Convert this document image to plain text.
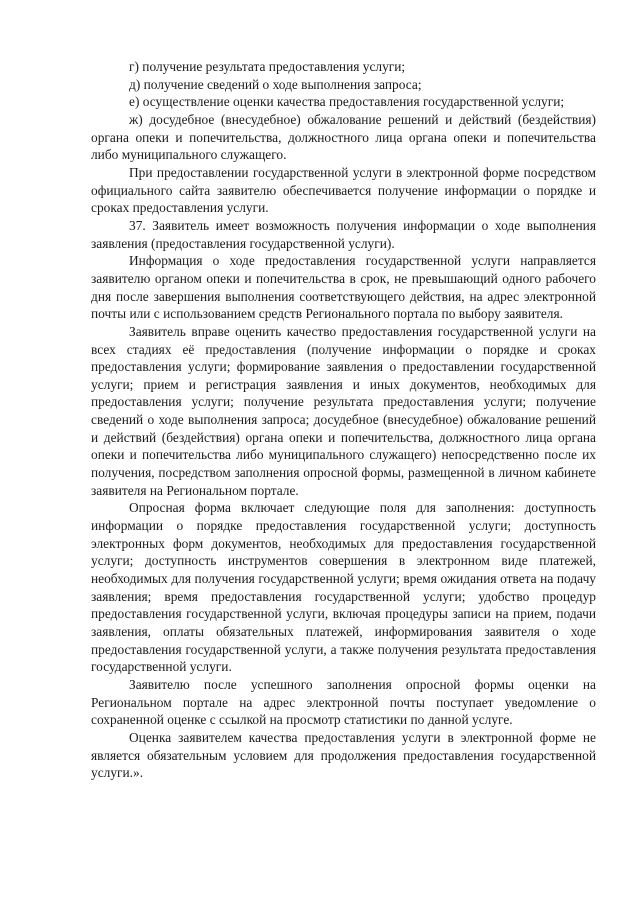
г) получение результата предоставления услуги;

д) получение сведений о ходе выполнения запроса;

е) осуществление оценки качества предоставления государственной услуги;

ж) досудебное (внесудебное) обжалование решений и действий (бездействия) органа опеки и попечительства, должностного лица органа опеки и попечительства либо муниципального служащего.

При предоставлении государственной услуги в электронной форме посредством официального сайта заявителю обеспечивается получение информации о порядке и сроках предоставления услуги.

37. Заявитель имеет возможность получения информации о ходе выполнения заявления (предоставления государственной услуги).

Информация о ходе предоставления государственной услуги направляется заявителю органом опеки и попечительства в срок, не превышающий одного рабочего дня после завершения выполнения соответствующего действия, на адрес электронной почты или с использованием средств Регионального портала по выбору заявителя.

Заявитель вправе оценить качество предоставления государственной услуги на всех стадиях её предоставления (получение информации о порядке и сроках предоставления услуги; формирование заявления о предоставлении государственной услуги; прием и регистрация заявления и иных документов, необходимых для предоставления услуги; получение результата предоставления услуги; получение сведений о ходе выполнения запроса; досудебное (внесудебное) обжалование решений и действий (бездействия) органа опеки и попечительства, должностного лица органа опеки и попечительства либо муниципального служащего) непосредственно после их получения, посредством заполнения опросной формы, размещенной в личном кабинете заявителя на Региональном портале.

Опросная форма включает следующие поля для заполнения: доступность информации о порядке предоставления государственной услуги; доступность электронных форм документов, необходимых для предоставления государственной услуги; доступность инструментов совершения в электронном виде платежей, необходимых для получения государственной услуги; время ожидания ответа на подачу заявления; время предоставления государственной услуги; удобство процедур предоставления государственной услуги, включая процедуры записи на прием, подачи заявления, оплаты обязательных платежей, информирования заявителя о ходе предоставления государственной услуги, а также получения результата предоставления государственной услуги.

Заявителю после успешного заполнения опросной формы оценки на Региональном портале на адрес электронной почты поступает уведомление о сохраненной оценке с ссылкой на просмотр статистики по данной услуге.

Оценка заявителем качества предоставления услуги в электронной форме не является обязательным условием для продолжения предоставления государственной услуги.».
